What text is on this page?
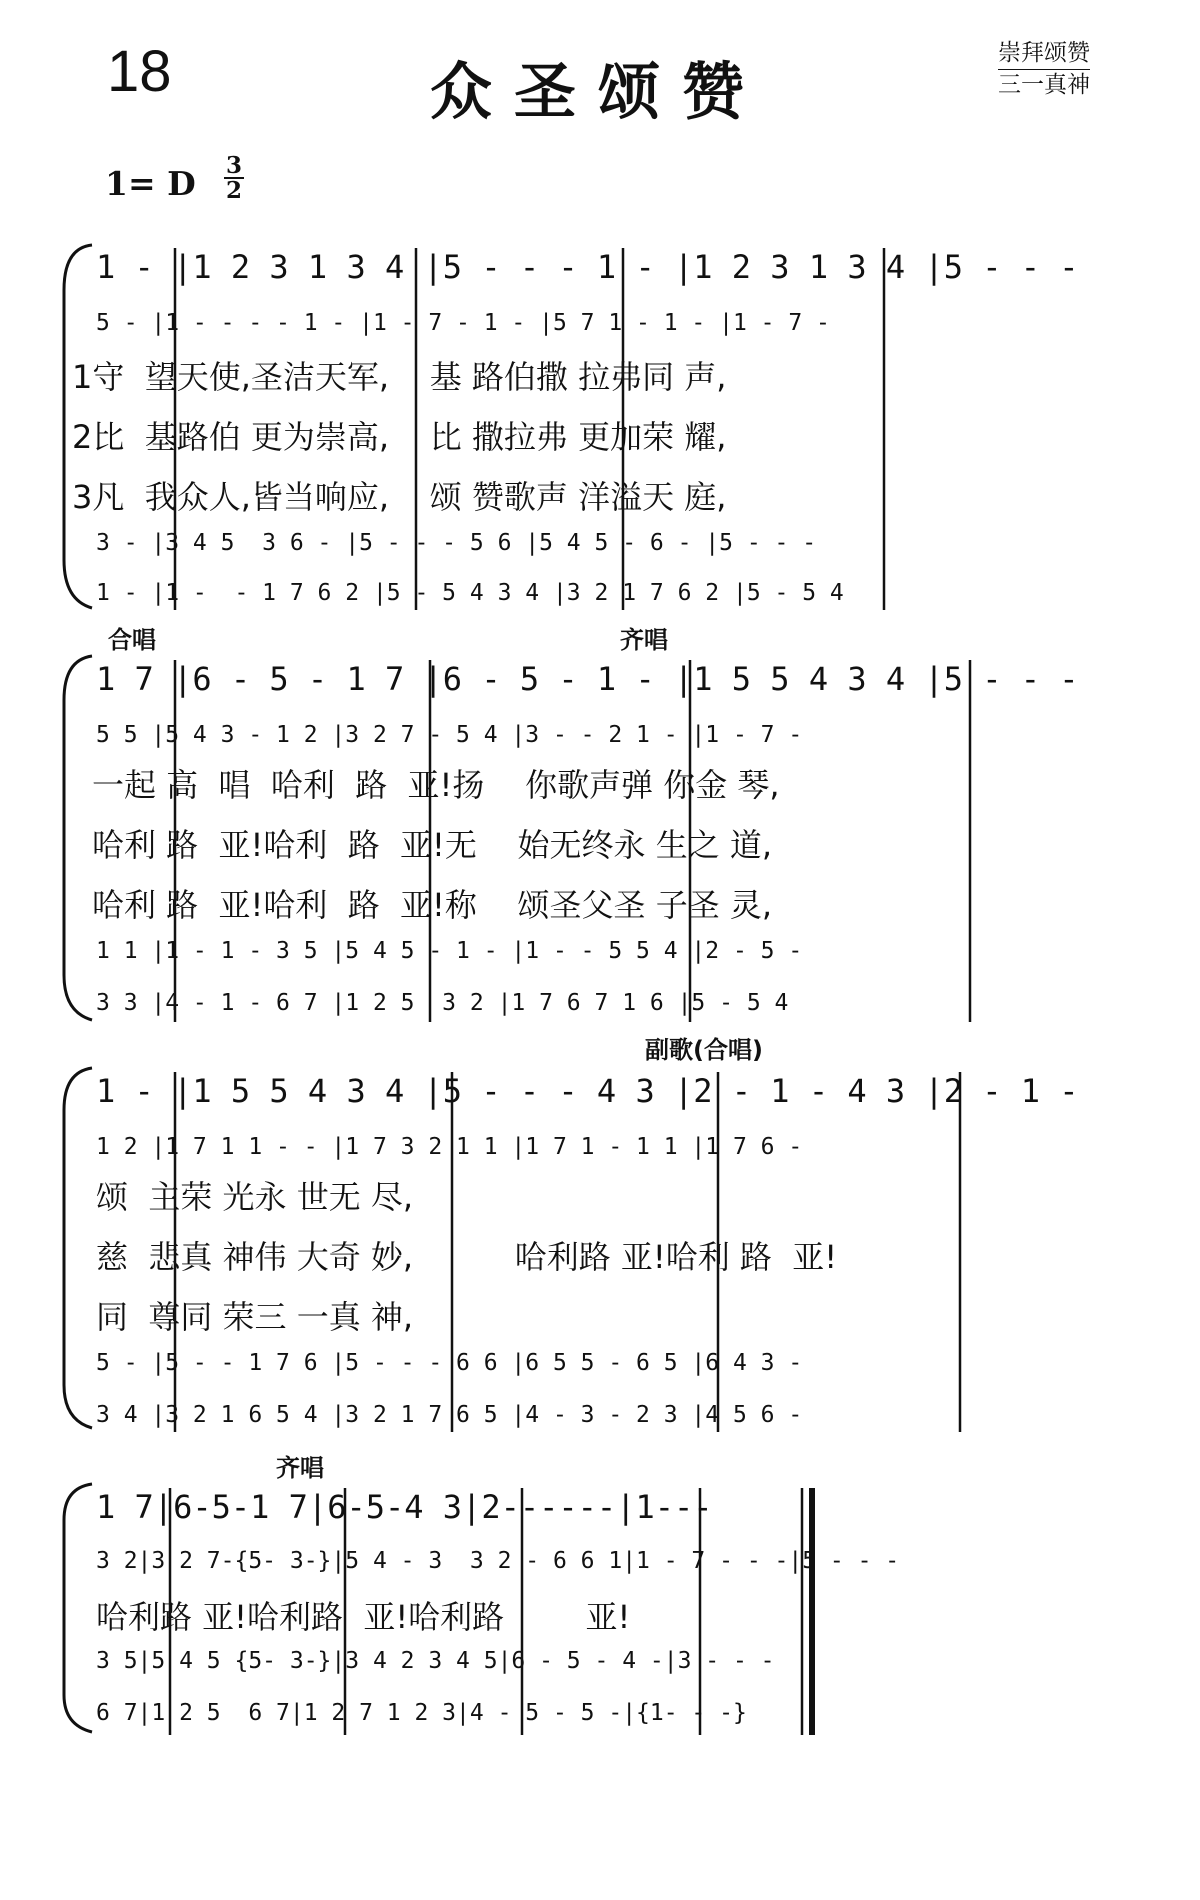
18	众圣颂赞
崇拜颂赞
三一真神
1= D 3
2
1 - |1 2 3 1 3 4 |5 - - - 1 - |1 2 3 1 3 4 |5 - - -
5 - |1 - - - - 1 - |1 - 7 - 1 - |5 7 1 - 1 - |1 - 7 -
1守  望天使,圣洁天军,    基 路伯撒 拉弗同 声,
2比  基路伯 更为崇高,    比 撒拉弗 更加荣 耀,
3凡  我众人,皆当响应,    颂 赞歌声 洋溢天 庭,
3 - |3 4 5  3 6 - |5 - - - 5 6 |5 4 5 - 6 - |5 - - -
1 - |1 -  - 1 7 6 2 |5 - 5 4 3 4 |3 2 1 7 6 2 |5 - 5 4
合唱	齐唱
1 7 |6 - 5 - 1 7 |6 - 5 - 1 - |1 5 5 4 3 4 |5 - - -
5 5 |5 4 3 - 1 2 |3 2 7 - 5 4 |3 - - 2 1 - |1 - 7 -
一起 高  唱  哈利  路  亚!扬    你歌声弹 你金 琴,
哈利 路  亚!哈利  路  亚!无    始无终永 生之 道,
哈利 路  亚!哈利  路  亚!称    颂圣父圣 子圣 灵,
1 1 |1 - 1 - 3 5 |5 4 5 - 1 - |1 - - 5 5 4 |2 - 5 -
3 3 |4 - 1 - 6 7 |1 2 5  3 2 |1 7 6 7 1 6 |5 - 5 4
副歌(合唱)
1 - |1 5 5 4 3 4 |5 - - - 4 3 |2 - 1 - 4 3 |2 - 1 -
1 2 |1 7 1 1 - - |1 7 3 2 1 1 |1 7 1 - 1 1 |1 7 6 -
颂  主荣 光永 世无 尽,
慈  悲真 神伟 大奇 妙,          哈利路 亚!哈利 路  亚!
同  尊同 荣三 一真 神,
5 - |5 - - 1 7 6 |5 - - - 6 6 |6 5 5 - 6 5 |6 4 3 -
3 4 |3 2 1 6 5 4 |3 2 1 7 6 5 |4 - 3 - 2 3 |4 5 6 -
齐唱
1 7|6-5-1 7|6-5-4 3|2------|1---
3 2|3 2 7-{5- 3-}|5 4 - 3  3 2 - 6 6 1|1 - 7 - - -|5 - - -
哈利路 亚!哈利路  亚!哈利路        亚!
3 5|5 4 5 {5- 3-}|3 4 2 3 4 5|6 - 5 - 4 -|3 - - -
6 7|1 2 5  6 7|1 2 7 1 2 3|4 - 5 - 5 -|{1- - -}
